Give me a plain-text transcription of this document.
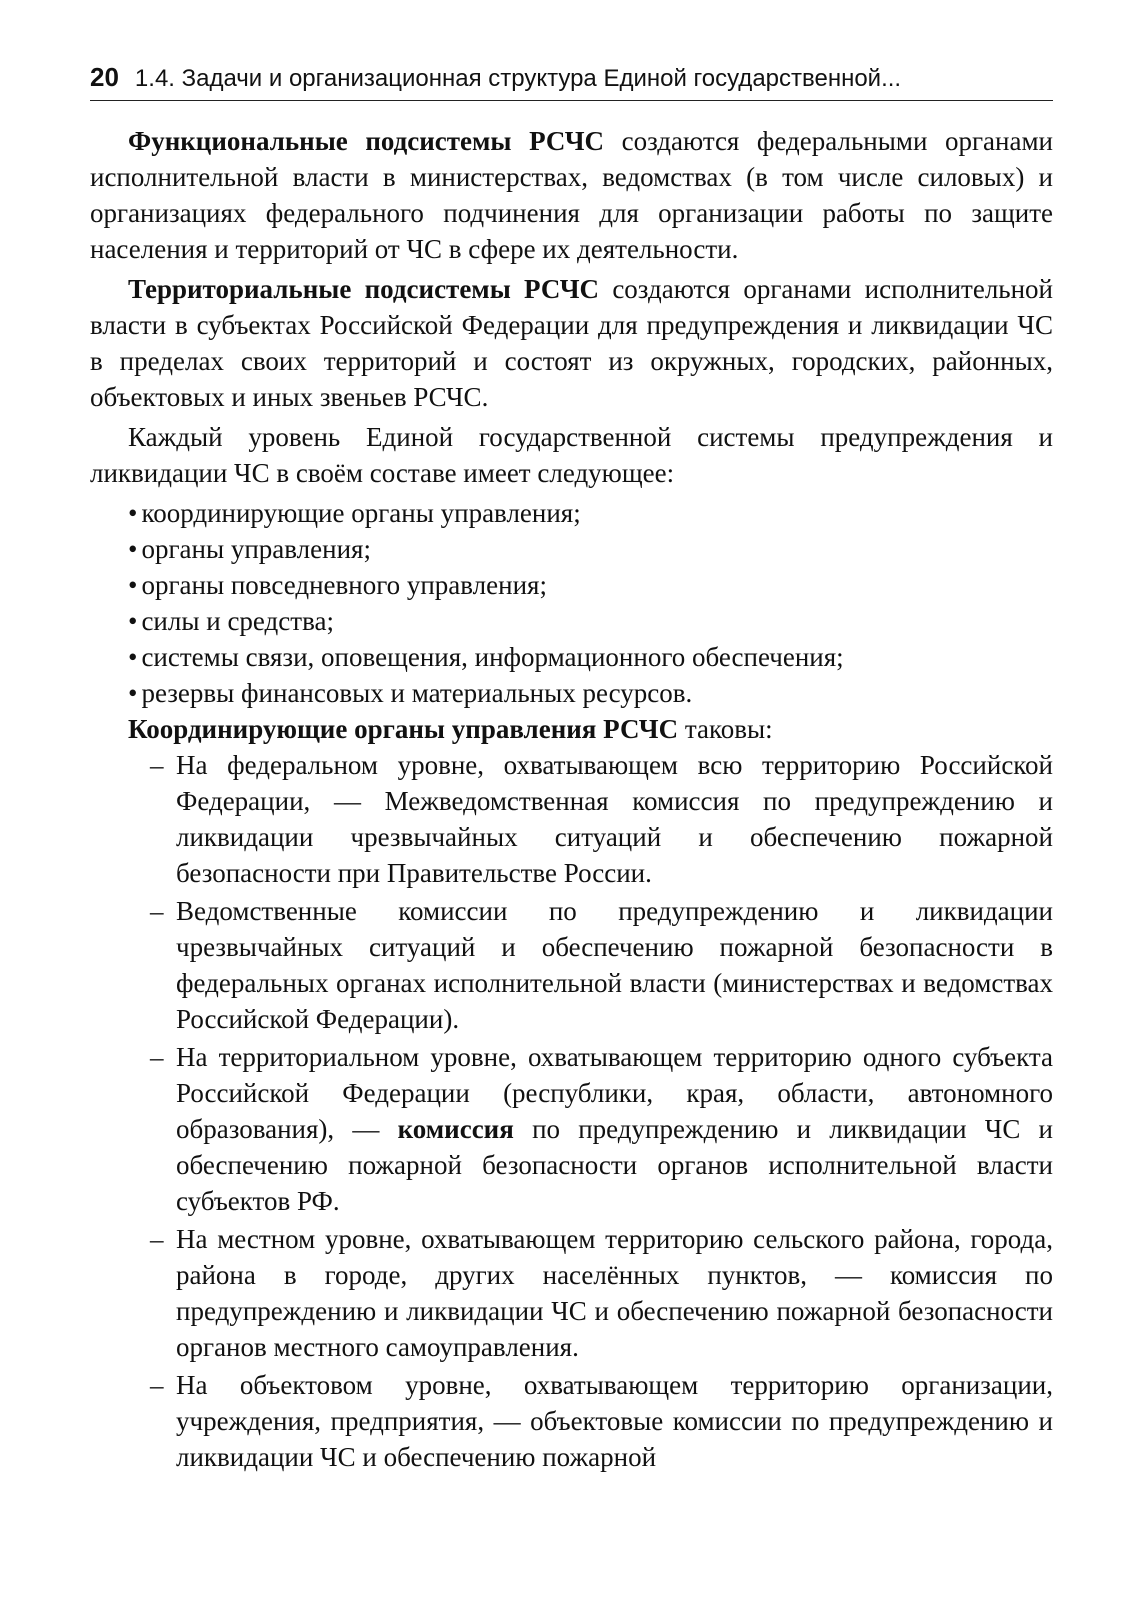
20 1.4. Задачи и организационная структура Единой государственной...

Функциональные подсистемы РСЧС создаются федеральными органами исполнительной власти в министерствах, ведомствах (в том числе силовых) и организациях федерального подчинения для организации работы по защите населения и территорий от ЧС в сфере их деятельности.

Территориальные подсистемы РСЧС создаются органами исполнительной власти в субъектах Российской Федерации для предупреждения и ликвидации ЧС в пределах своих территорий и состоят из окружных, городских, районных, объектовых и иных звеньев РСЧС.

Каждый уровень Единой государственной системы предупреждения и ликвидации ЧС в своём составе имеет следующее:

• координирующие органы управления;
• органы управления;
• органы повседневного управления;
• силы и средства;
• системы связи, оповещения, информационного обеспечения;
• резервы финансовых и материальных ресурсов.

Координирующие органы управления РСЧС таковы:

– На федеральном уровне, охватывающем всю территорию Российской Федерации, — Межведомственная комиссия по предупреждению и ликвидации чрезвычайных ситуаций и обеспечению пожарной безопасности при Правительстве России.
– Ведомственные комиссии по предупреждению и ликвидации чрезвычайных ситуаций и обеспечению пожарной безопасности в федеральных органах исполнительной власти (министерствах и ведомствах Российской Федерации).
– На территориальном уровне, охватывающем территорию одного субъекта Российской Федерации (республики, края, области, автономного образования), — комиссия по предупреждению и ликвидации ЧС и обеспечению пожарной безопасности органов исполнительной власти субъектов РФ.
– На местном уровне, охватывающем территорию сельского района, города, района в городе, других населённых пунктов, — комиссия по предупреждению и ликвидации ЧС и обеспечению пожарной безопасности органов местного самоуправления.
– На объектовом уровне, охватывающем территорию организации, учреждения, предприятия, — объектовые комиссии по предупреждению и ликвидации ЧС и обеспечению пожарной
